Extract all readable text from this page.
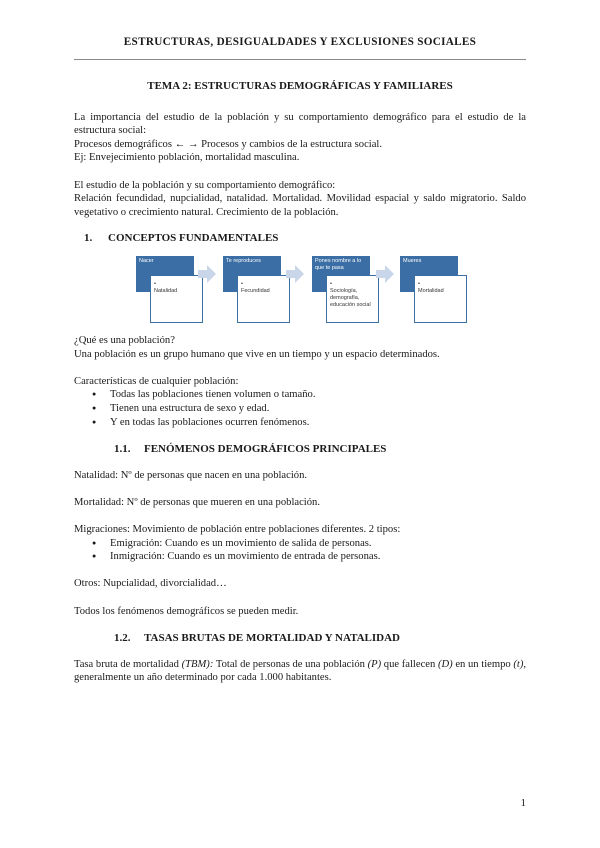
ESTRUCTURAS, DESIGUALDADES Y EXCLUSIONES SOCIALES
TEMA 2: ESTRUCTURAS DEMOGRÁFICAS Y FAMILIARES

La importancia del estudio de la población y su comportamiento demográfico para el estudio de la estructura social:

Procesos demográficos ← → Procesos y cambios de la estructura social.

Ej: Envejecimiento población, mortalidad masculina.

El estudio de la población y su comportamiento demográfico:

Relación fecundidad, nupcialidad, natalidad. Mortalidad. Movilidad espacial y saldo migratorio. Saldo vegetativo o crecimiento natural. Crecimiento de la población.

1.	CONCEPTOS FUNDAMENTALES
Nacer
•
Natalidad
Te reproduces
•
Fecundidad
Pones nombre a lo que te pasa
•
Sociología, demografía, educación social
Mueres
•
Mortalidad

¿Qué es una población?

Una población es un grupo humano que vive en un tiempo y un espacio determinados.

Características de cualquier población:

● Todas las poblaciones tienen volumen o tamaño.
● Tienen una estructura de sexo y edad.
● Y en todas las poblaciones ocurren fenómenos.
1.1.	FENÓMENOS DEMOGRÁFICOS PRINCIPALES

Natalidad: Nº de personas que nacen en una población.

Mortalidad: Nº de personas que mueren en una población.

Migraciones: Movimiento de población entre poblaciones diferentes. 2 tipos:

● Emigración: Cuando es un movimiento de salida de personas.
● Inmigración: Cuando es un movimiento de entrada de personas.

Otros: Nupcialidad, divorcialidad…

Todos los fenómenos demográficos se pueden medir.

1.2.	TASAS BRUTAS DE MORTALIDAD Y NATALIDAD

Tasa bruta de mortalidad (TBM): Total de personas de una población (P) que fallecen (D) en un tiempo (t), generalmente un año determinado por cada 1.000 habitantes.

1
